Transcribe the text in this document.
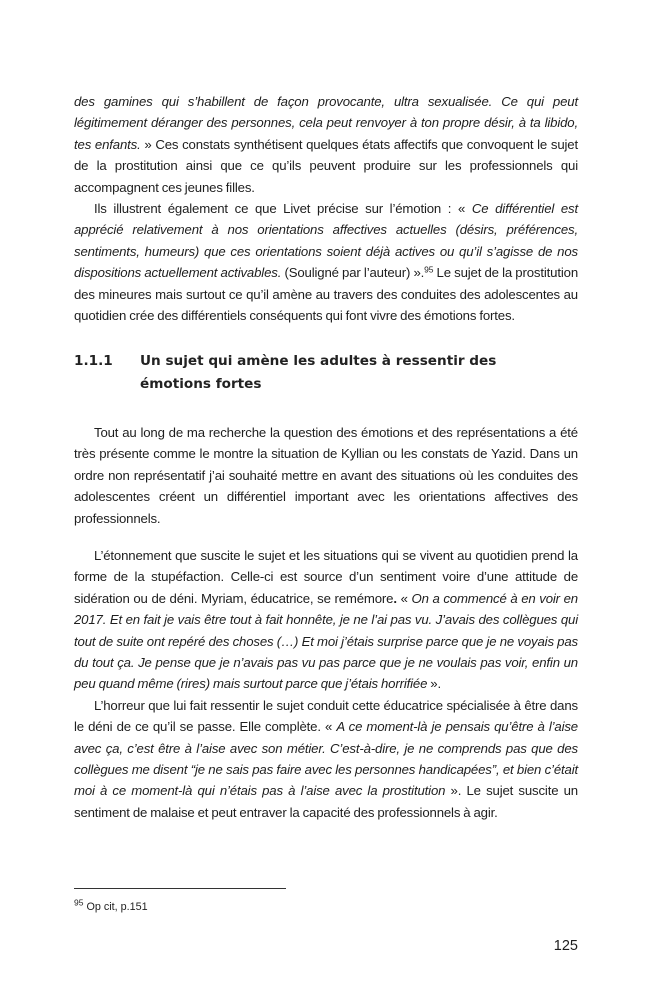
des gamines qui s’habillent de façon provocante, ultra sexualisée. Ce qui peut légitimement déranger des personnes, cela peut renvoyer à ton propre désir, à ta libido, tes enfants. » Ces constats synthétisent quelques états affectifs que convoquent le sujet de la prostitution ainsi que ce qu’ils peuvent produire sur les professionnels qui accompagnent ces jeunes filles.

Ils illustrent également ce que Livet précise sur l’émotion : « Ce différentiel est apprécié relativement à nos orientations affectives actuelles (désirs, préférences, sentiments, humeurs) que ces orientations soient déjà actives ou qu’il s’agisse de nos dispositions actuellement activables. (Souligné par l’auteur) ».$^{95}$ Le sujet de la prostitution des mineures mais surtout ce qu’il amène au travers des conduites des adolescentes au quotidien crée des différentiels conséquents qui font vivre des émotions fortes.

1.1.1 Un sujet qui amène les adultes à ressentir des émotions fortes

Tout au long de ma recherche la question des émotions et des représentations a été très présente comme le montre la situation de Kyllian ou les constats de Yazid. Dans un ordre non représentatif j’ai souhaité mettre en avant des situations où les conduites des adolescentes créent un différentiel important avec les orientations affectives des professionnels.

L’étonnement que suscite le sujet et les situations qui se vivent au quotidien prend la forme de la stupéfaction. Celle-ci est source d’un sentiment voire d’une attitude de sidération ou de déni. Myriam, éducatrice, se remémore. « On a commencé à en voir en 2017. Et en fait je vais être tout à fait honnête, je ne l’ai pas vu. J’avais des collègues qui tout de suite ont repéré des choses (…) Et moi j’étais surprise parce que je ne voyais pas du tout ça. Je pense que je n’avais pas vu pas parce que je ne voulais pas voir, enfin un peu quand même (rires) mais surtout parce que j’étais horrifiée ».

L’horreur que lui fait ressentir le sujet conduit cette éducatrice spécialisée à être dans le déni de ce qu’il se passe. Elle complète. « A ce moment-là je pensais qu’être à l’aise avec ça, c’est être à l’aise avec son métier. C’est-à-dire, je ne comprends pas que des collègues me disent “je ne sais pas faire avec les personnes handicapées”, et bien c’était moi à ce moment-là qui n’étais pas à l’aise avec la prostitution ». Le sujet suscite un sentiment de malaise et peut entraver la capacité des professionnels à agir.

$^{95}$ Op cit, p.151
125
